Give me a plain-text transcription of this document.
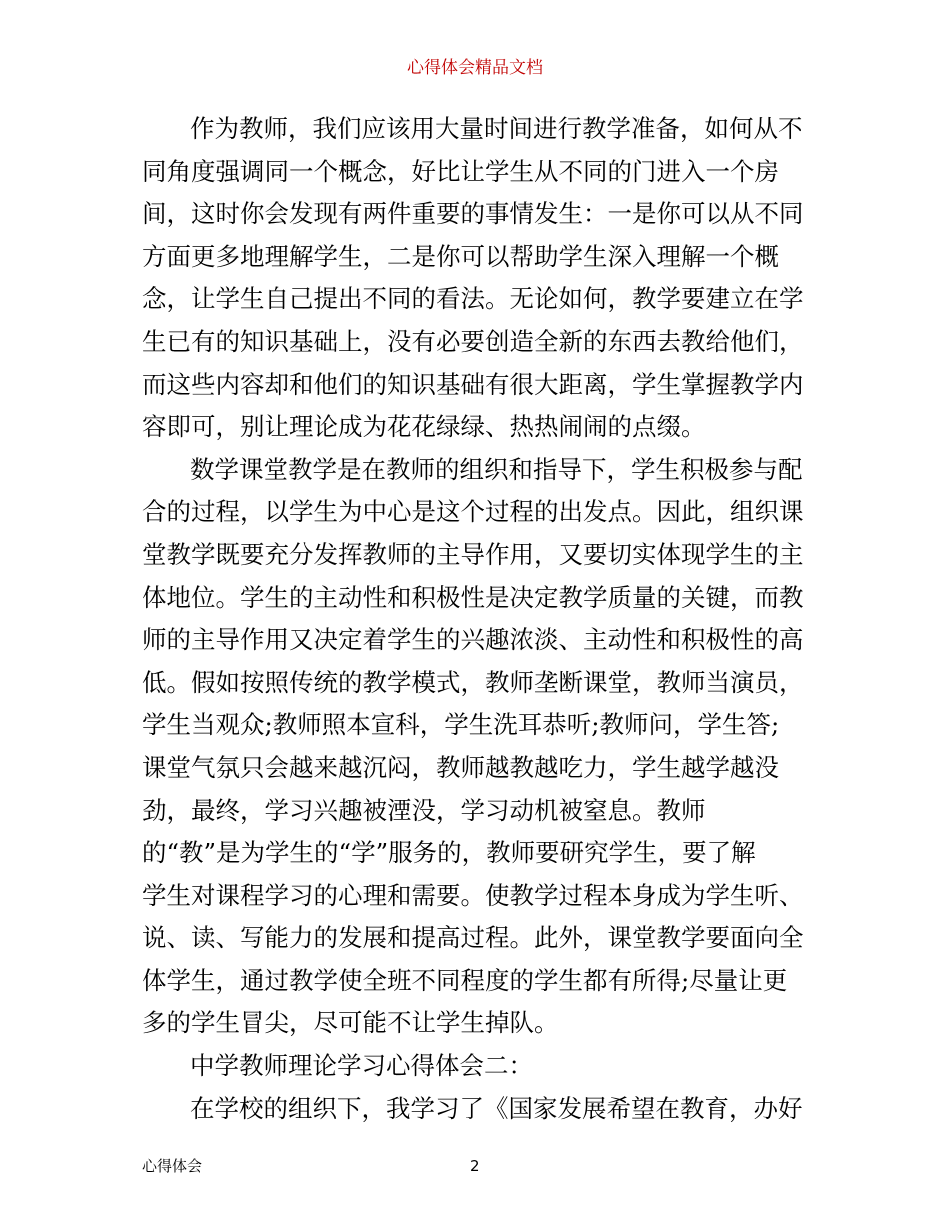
心得体会精品文档
作为教师，我们应该用大量时间进行教学准备，如何从不
同角度强调同一个概念，好比让学生从不同的门进入一个房
间，这时你会发现有两件重要的事情发生：一是你可以从不同
方面更多地理解学生，二是你可以帮助学生深入理解一个概
念，让学生自己提出不同的看法。无论如何，教学要建立在学
生已有的知识基础上，没有必要创造全新的东西去教给他们，
而这些内容却和他们的知识基础有很大距离，学生掌握教学内
容即可，别让理论成为花花绿绿、热热闹闹的点缀。
数学课堂教学是在教师的组织和指导下，学生积极参与配
合的过程，以学生为中心是这个过程的出发点。因此，组织课
堂教学既要充分发挥教师的主导作用，又要切实体现学生的主
体地位。学生的主动性和积极性是决定教学质量的关键，而教
师的主导作用又决定着学生的兴趣浓淡、主动性和积极性的高
低。假如按照传统的教学模式，教师垄断课堂，教师当演员，
学生当观众;教师照本宣科，学生洗耳恭听;教师问，学生答;
课堂气氛只会越来越沉闷，教师越教越吃力，学生越学越没
劲，最终，学习兴趣被湮没，学习动机被窒息。教师
的“教”是为学生的“学”服务的，教师要研究学生，要了解
学生对课程学习的心理和需要。使教学过程本身成为学生听、
说、读、写能力的发展和提高过程。此外，课堂教学要面向全
体学生，通过教学使全班不同程度的学生都有所得;尽量让更
多的学生冒尖，尽可能不让学生掉队。
中学教师理论学习心得体会二：
在学校的组织下，我学习了《国家发展希望在教育，办好
心得体会	2
